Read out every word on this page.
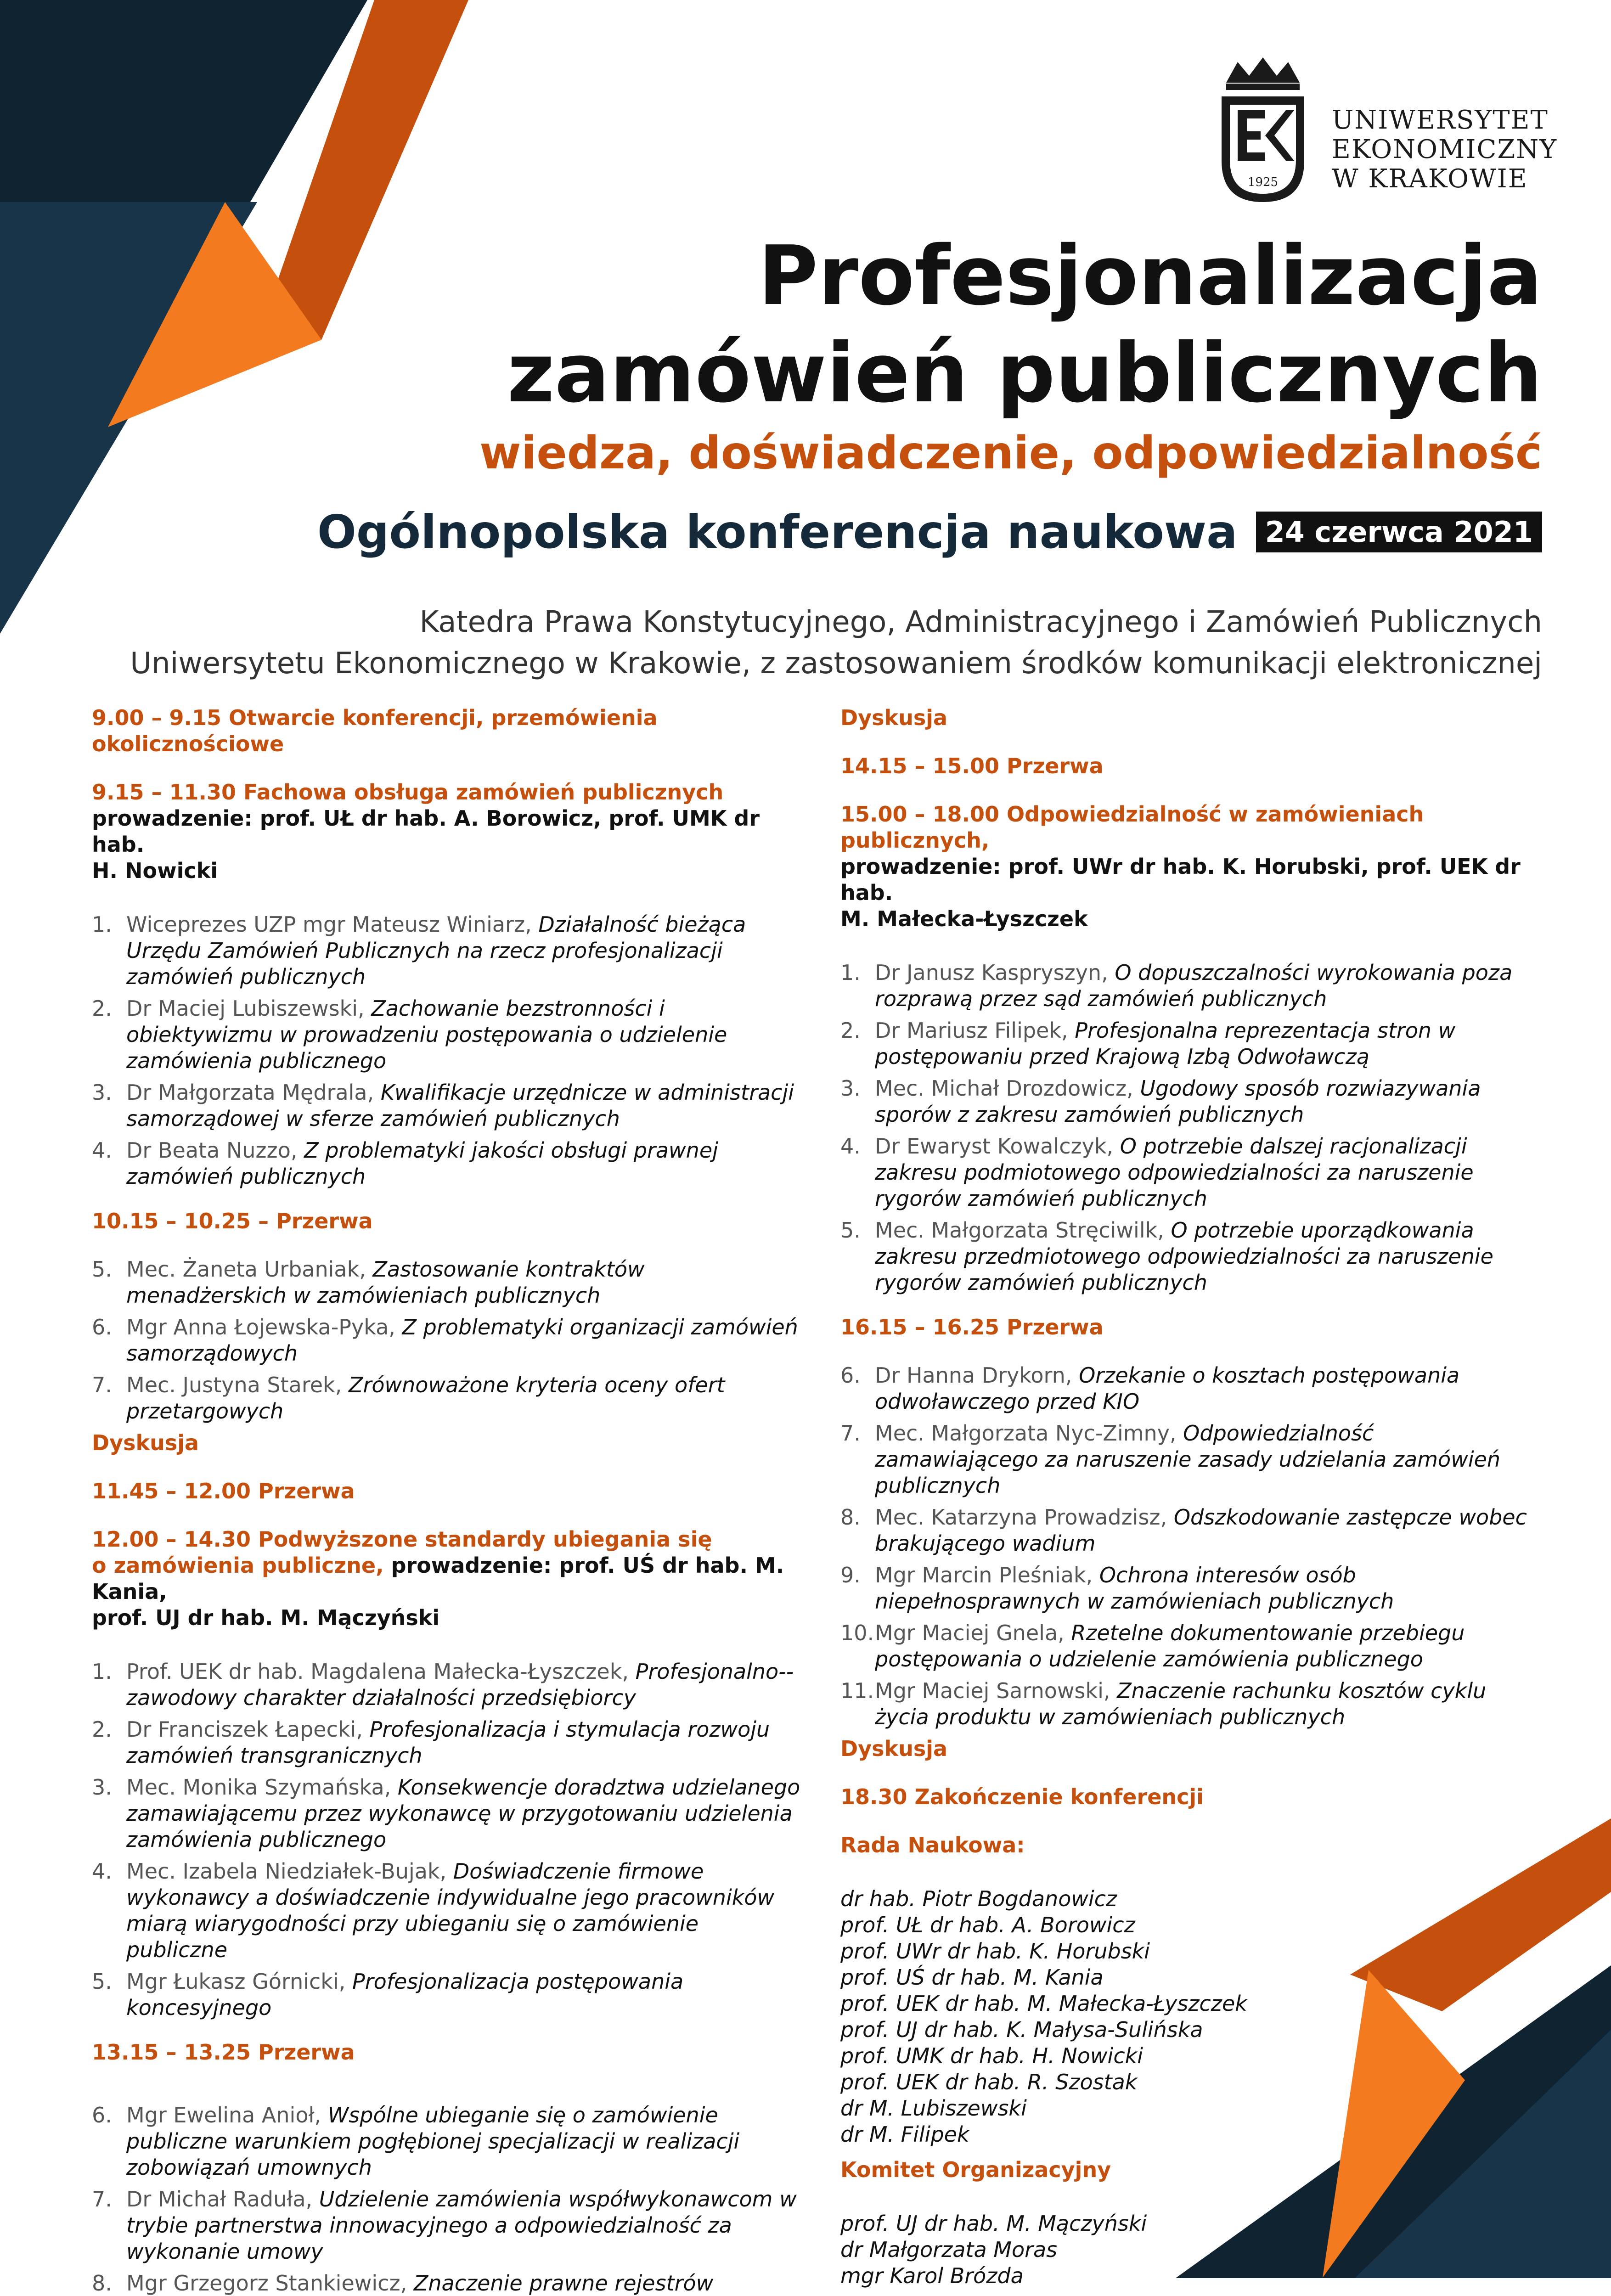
1925
UNIWERSYTET
EKONOMICZNY
W KRAKOWIE
Profesjonalizacja
zamówień publicznych
wiedza, doświadczenie, odpowiedzialność
Ogólnopolska konferencja naukowa 24 czerwca 2021
Katedra Prawa Konstytucyjnego, Administracyjnego i Zamówień Publicznych
Uniwersytetu Ekonomicznego w Krakowie, z zastosowaniem środków komunikacji elektronicznej
9.00 – 9.15 Otwarcie konferencji, przemówienia okolicznościowe
9.15 – 11.30 Fachowa obsługa zamówień publicznych
prowadzenie: prof. UŁ dr hab. A. Borowicz, prof. UMK dr hab.
H. Nowicki
1. Wiceprezes UZP mgr Mateusz Winiarz, Działalność bieżąca Urzędu Zamówień Publicznych na rzecz profesjonalizacji zamówień publicznych
2. Dr Maciej Lubiszewski, Zachowanie bezstronności i obiektywizmu w prowadzeniu postępowania o udzielenie zamówienia publicznego
3. Dr Małgorzata Mędrala, Kwalifikacje urzędnicze w administracji samorządowej w sferze zamówień publicznych
4. Dr Beata Nuzzo, Z problematyki jakości obsługi prawnej zamówień publicznych
10.15 – 10.25 – Przerwa
5. Mec. Żaneta Urbaniak, Zastosowanie kontraktów menadżerskich w zamówieniach publicznych
6. Mgr Anna Łojewska-Pyka, Z problematyki organizacji zamówień samorządowych
7. Mec. Justyna Starek, Zrównoważone kryteria oceny ofert przetargowych
Dyskusja
11.45 – 12.00 Przerwa
12.00 – 14.30 Podwyższone standardy ubiegania się
o zamówienia publiczne, prowadzenie: prof. UŚ dr hab. M. Kania,
prof. UJ dr hab. M. Mączyński
1. Prof. UEK dr hab. Magdalena Małecka-Łyszczek, Profesjonalno--zawodowy charakter działalności przedsiębiorcy
2. Dr Franciszek Łapecki, Profesjonalizacja i stymulacja rozwoju zamówień transgranicznych
3. Mec. Monika Szymańska, Konsekwencje doradztwa udzielanego zamawiającemu przez wykonawcę w przygotowaniu udzielenia zamówienia publicznego
4. Mec. Izabela Niedziałek-Bujak, Doświadczenie firmowe wykonawcy a doświadczenie indywidualne jego pracowników miarą wiarygodności przy ubieganiu się o zamówienie publiczne
5. Mgr Łukasz Górnicki, Profesjonalizacja postępowania koncesyjnego
13.15 – 13.25 Przerwa
6. Mgr Ewelina Anioł, Wspólne ubieganie się o zamówienie publiczne warunkiem pogłębionej specjalizacji w realizacji zobowiązań umownych
7. Dr Michał Raduła, Udzielenie zamówienia współwykonawcom w trybie partnerstwa innowacyjnego a odpowiedzialność za wykonanie umowy
8. Mgr Grzegorz Stankiewicz, Znaczenie prawne rejestrów
Dyskusja
14.15 – 15.00 Przerwa
15.00 – 18.00 Odpowiedzialność w zamówieniach publicznych,
prowadzenie: prof. UWr dr hab. K. Horubski, prof. UEK dr hab.
M. Małecka-Łyszczek
1. Dr Janusz Kaspryszyn, O dopuszczalności wyrokowania poza rozprawą przez sąd zamówień publicznych
2. Dr Mariusz Filipek, Profesjonalna reprezentacja stron w postępowaniu przed Krajową Izbą Odwoławczą
3. Mec. Michał Drozdowicz, Ugodowy sposób rozwiazywania sporów z zakresu zamówień publicznych
4. Dr Ewaryst Kowalczyk, O potrzebie dalszej racjonalizacji zakresu podmiotowego odpowiedzialności za naruszenie rygorów zamówień publicznych
5. Mec. Małgorzata Stręciwilk, O potrzebie uporządkowania zakresu przedmiotowego odpowiedzialności za naruszenie rygorów zamówień publicznych
16.15 – 16.25 Przerwa
6. Dr Hanna Drykorn, Orzekanie o kosztach postępowania odwoławczego przed KIO
7. Mec. Małgorzata Nyc-Zimny, Odpowiedzialność zamawiającego za naruszenie zasady udzielania zamówień publicznych
8. Mec. Katarzyna Prowadzisz, Odszkodowanie zastępcze wobec brakującego wadium
9. Mgr Marcin Pleśniak, Ochrona interesów osób niepełnosprawnych w zamówieniach publicznych
10. Mgr Maciej Gnela, Rzetelne dokumentowanie przebiegu postępowania o udzielenie zamówienia publicznego
11. Mgr Maciej Sarnowski, Znaczenie rachunku kosztów cyklu życia produktu w zamówieniach publicznych
Dyskusja
18.30 Zakończenie konferencji
Rada Naukowa:
dr hab. Piotr Bogdanowicz
prof. UŁ dr hab. A. Borowicz
prof. UWr dr hab. K. Horubski
prof. UŚ dr hab. M. Kania
prof. UEK dr hab. M. Małecka-Łyszczek
prof. UJ dr hab. K. Małysa-Sulińska
prof. UMK dr hab. H. Nowicki
prof. UEK dr hab. R. Szostak
dr M. Lubiszewski
dr M. Filipek
Komitet Organizacyjny
prof. UJ dr hab. M. Mączyński
dr Małgorzata Moras
mgr Karol Brózda
